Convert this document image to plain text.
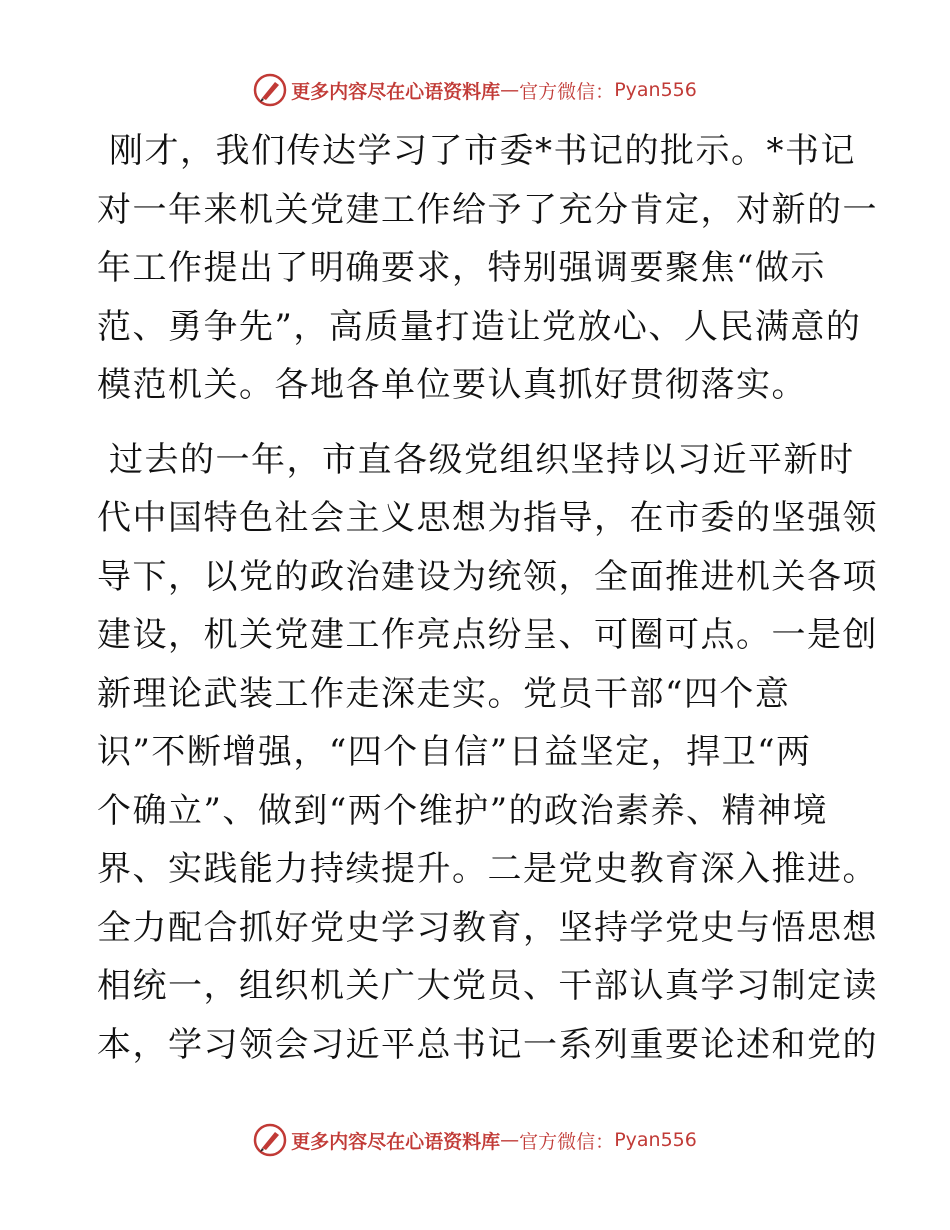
更多内容尽在心语资料库 — 官方微信： Pyan556

刚才，我们传达学习了市委*书记的批示。*书记

对一年来机关党建工作给予了充分肯定，对新的一

年工作提出了明确要求，特别强调要聚焦“做示

范、勇争先”，高质量打造让党放心、人民满意的

模范机关。各地各单位要认真抓好贯彻落实。

过去的一年，市直各级党组织坚持以习近平新时

代中国特色社会主义思想为指导，在市委的坚强领

导下，以党的政治建设为统领，全面推进机关各项

建设，机关党建工作亮点纷呈、可圈可点。一是创

新理论武装工作走深走实。党员干部“四个意

识”不断增强，“四个自信”日益坚定，捍卫“两

个确立”、做到“两个维护”的政治素养、精神境

界、实践能力持续提升。二是党史教育深入推进。

全力配合抓好党史学习教育，坚持学党史与悟思想

相统一，组织机关广大党员、干部认真学习制定读

本，学习领会习近平总书记一系列重要论述和党的

更多内容尽在心语资料库 — 官方微信： Pyan556
